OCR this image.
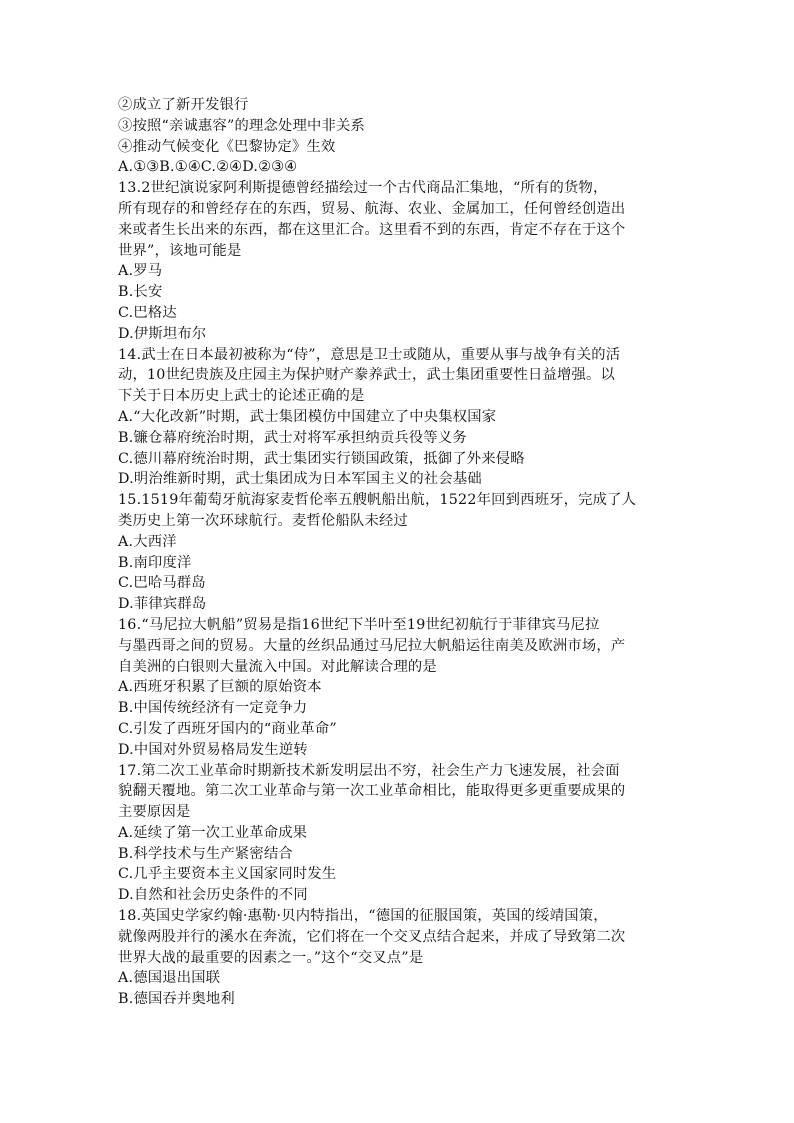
②成立了新开发银行
③按照“亲诚惠容”的理念处理中非关系
④推动气候变化《巴黎协定》生效
A.①③B.①④C.②④D.②③④
13.2世纪演说家阿利斯提德曾经描绘过一个古代商品汇集地，“所有的货物，
所有现存的和曾经存在的东西，贸易、航海、农业、金属加工，任何曾经创造出
来或者生长出来的东西，都在这里汇合。这里看不到的东西，肯定不存在于这个
世界”，该地可能是
A.罗马
B.长安
C.巴格达
D.伊斯坦布尔
14.武士在日本最初被称为“侍”，意思是卫士或随从，重要从事与战争有关的活
动，10世纪贵族及庄园主为保护财产豢养武士，武士集团重要性日益增强。以
下关于日本历史上武士的论述正确的是
A.“大化改新”时期，武士集团模仿中国建立了中央集权国家
B.镰仓幕府统治时期，武士对将军承担纳贡兵役等义务
C.德川幕府统治时期，武士集团实行锁国政策，抵御了外来侵略
D.明治维新时期，武士集团成为日本军国主义的社会基础
15.1519年葡萄牙航海家麦哲伦率五艘帆船出航，1522年回到西班牙，完成了人
类历史上第一次环球航行。麦哲伦船队未经过
A.大西洋
B.南印度洋
C.巴哈马群岛
D.菲律宾群岛
16.“马尼拉大帆船”贸易是指16世纪下半叶至19世纪初航行于菲律宾马尼拉
与墨西哥之间的贸易。大量的丝织品通过马尼拉大帆船运往南美及欧洲市场，产
自美洲的白银则大量流入中国。对此解读合理的是
A.西班牙积累了巨额的原始资本
B.中国传统经济有一定竞争力
C.引发了西班牙国内的“商业革命”
D.中国对外贸易格局发生逆转
17.第二次工业革命时期新技术新发明层出不穷，社会生产力飞速发展，社会面
貌翻天覆地。第二次工业革命与第一次工业革命相比，能取得更多更重要成果的
主要原因是
A.延续了第一次工业革命成果
B.科学技术与生产紧密结合
C.几乎主要资本主义国家同时发生
D.自然和社会历史条件的不同
18.英国史学家约翰·惠勒·贝内特指出，“德国的征服国策，英国的绥靖国策，
就像两股并行的溪水在奔流，它们将在一个交叉点结合起来，并成了导致第二次
世界大战的最重要的因素之一。”这个“交叉点”是
A.德国退出国联
B.德国吞并奥地利
